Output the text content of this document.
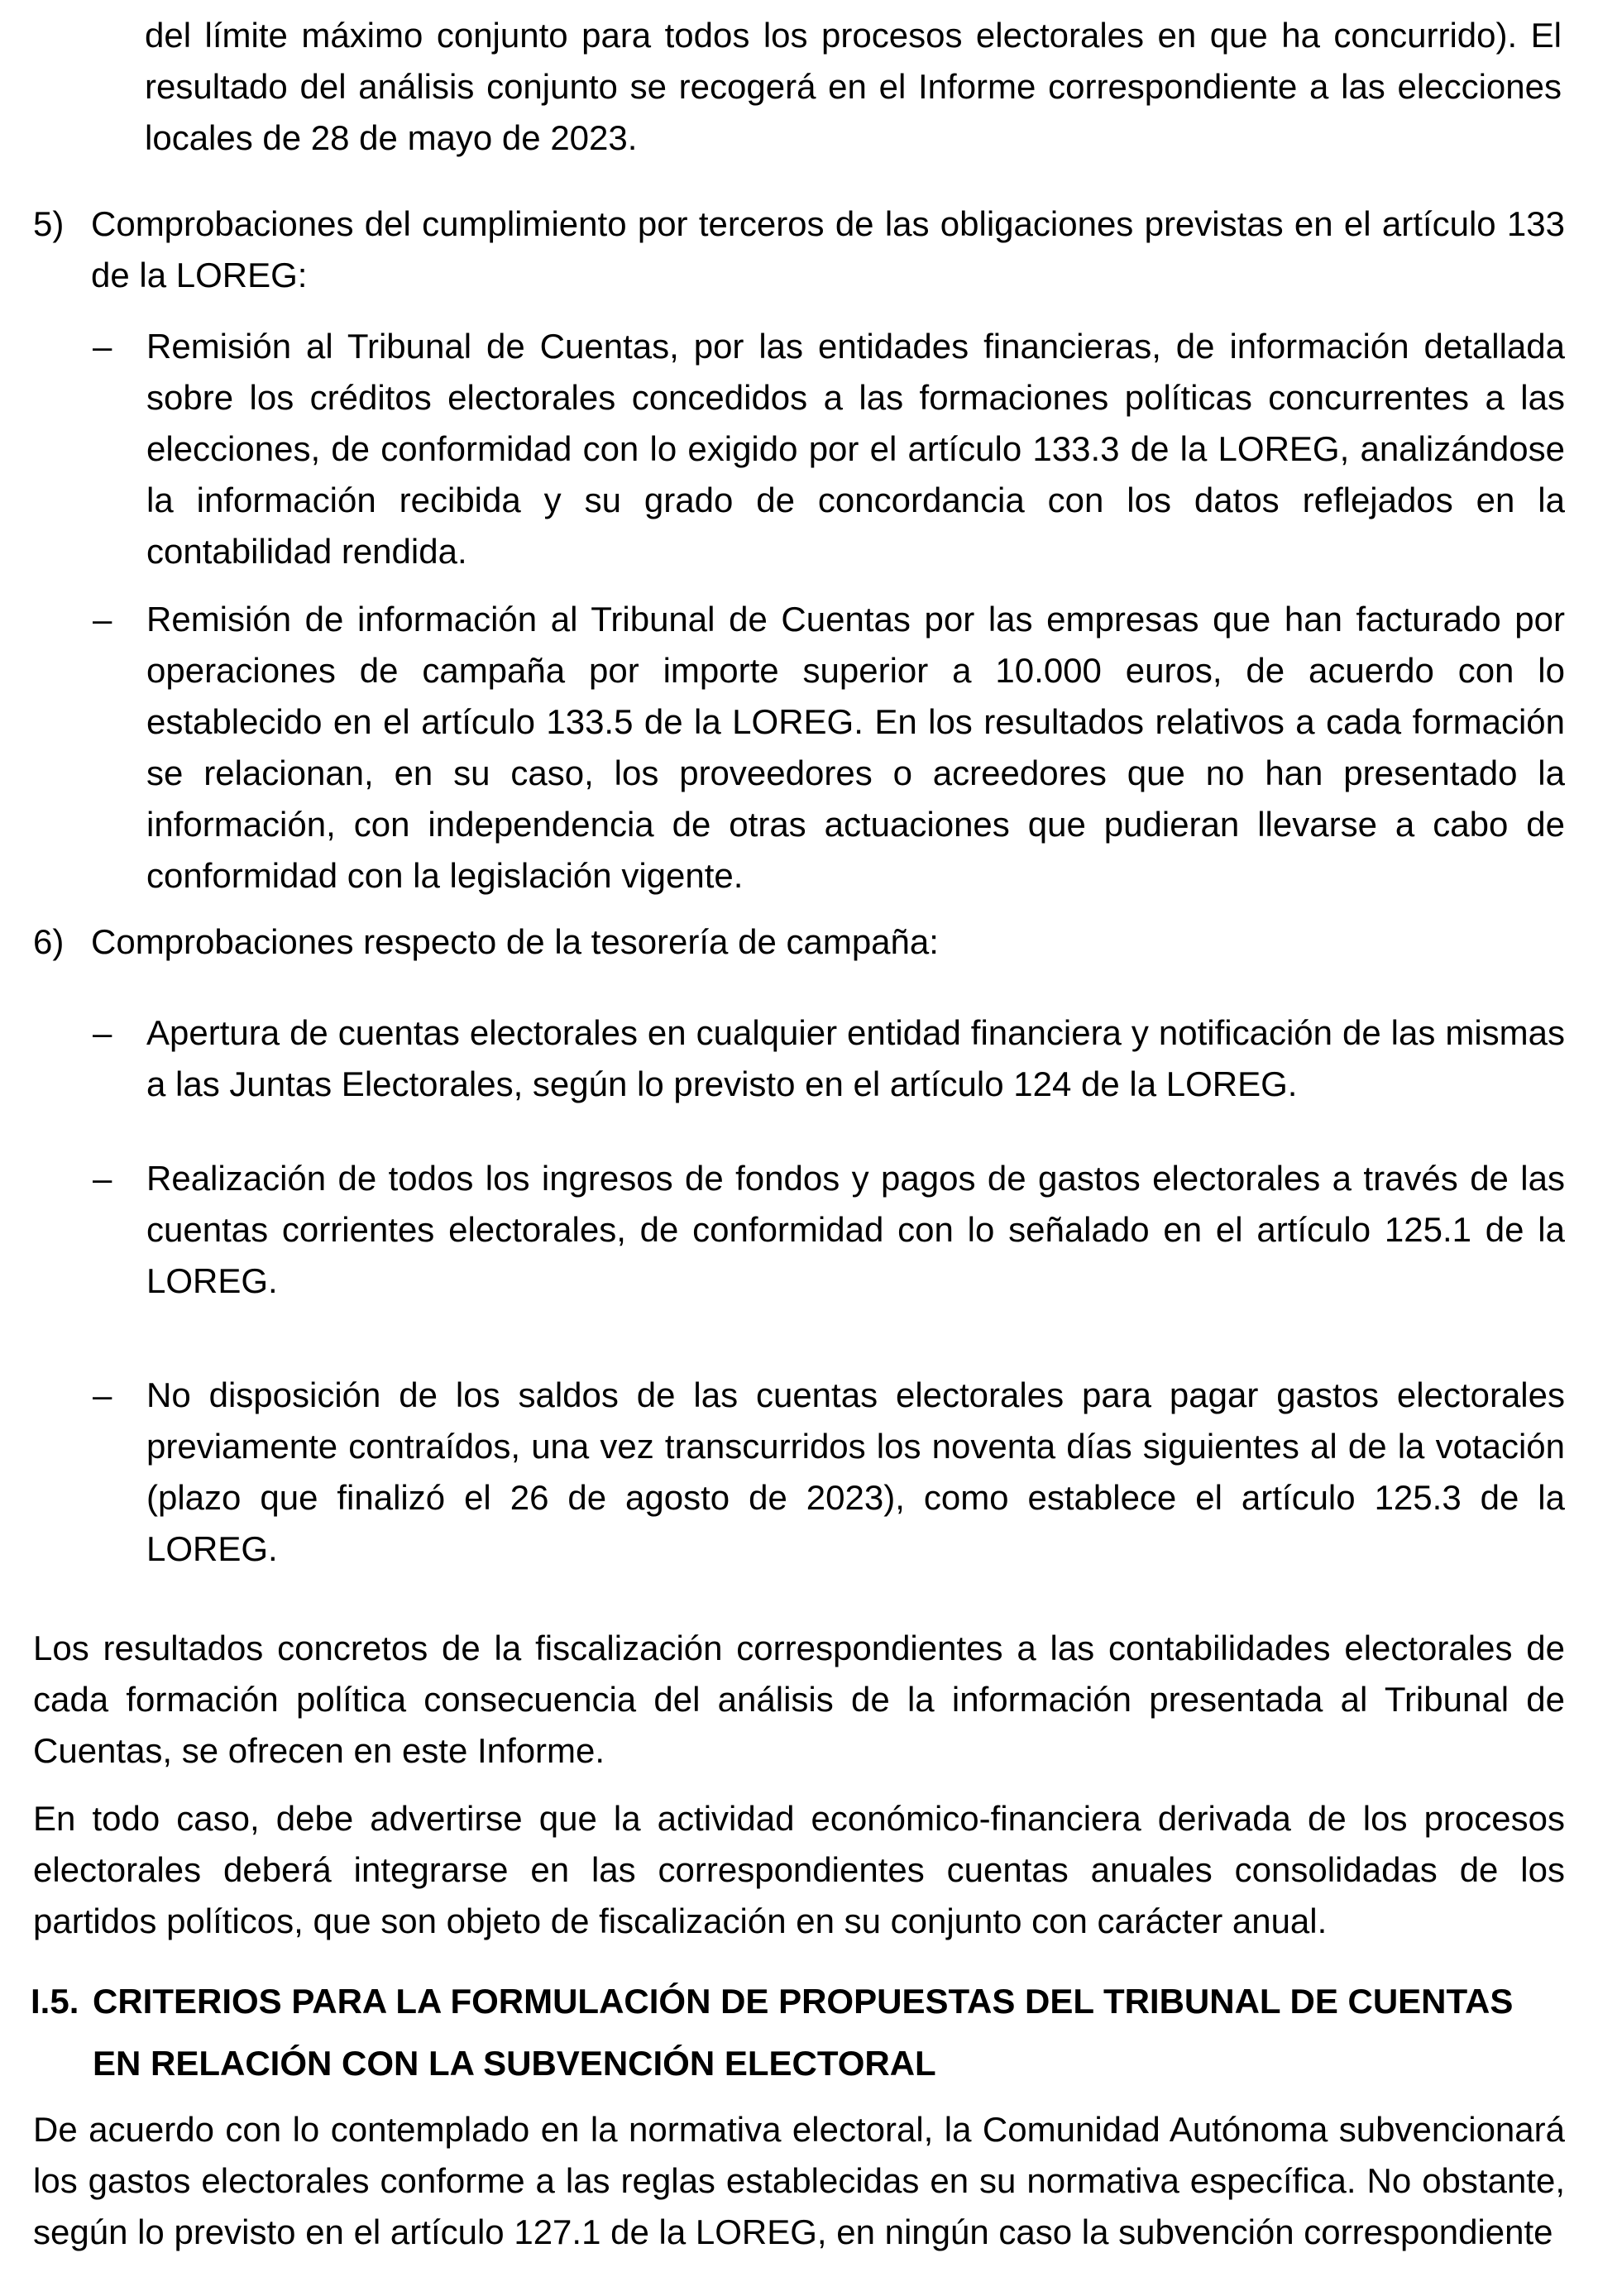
del límite máximo conjunto para todos los procesos electorales en que ha concurrido). El resultado del análisis conjunto se recogerá en el Informe correspondiente a las elecciones locales de 28 de mayo de 2023.
5) Comprobaciones del cumplimiento por terceros de las obligaciones previstas en el artículo 133 de la LOREG:
– Remisión al Tribunal de Cuentas, por las entidades financieras, de información detallada sobre los créditos electorales concedidos a las formaciones políticas concurrentes a las elecciones, de conformidad con lo exigido por el artículo 133.3 de la LOREG, analizándose la información recibida y su grado de concordancia con los datos reflejados en la contabilidad rendida.
– Remisión de información al Tribunal de Cuentas por las empresas que han facturado por operaciones de campaña por importe superior a 10.000 euros, de acuerdo con lo establecido en el artículo 133.5 de la LOREG. En los resultados relativos a cada formación se relacionan, en su caso, los proveedores o acreedores que no han presentado la información, con independencia de otras actuaciones que pudieran llevarse a cabo de conformidad con la legislación vigente.
6) Comprobaciones respecto de la tesorería de campaña:
– Apertura de cuentas electorales en cualquier entidad financiera y notificación de las mismas a las Juntas Electorales, según lo previsto en el artículo 124 de la LOREG.
– Realización de todos los ingresos de fondos y pagos de gastos electorales a través de las cuentas corrientes electorales, de conformidad con lo señalado en el artículo 125.1 de la LOREG.
– No disposición de los saldos de las cuentas electorales para pagar gastos electorales previamente contraídos, una vez transcurridos los noventa días siguientes al de la votación (plazo que finalizó el 26 de agosto de 2023), como establece el artículo 125.3 de la LOREG.
Los resultados concretos de la fiscalización correspondientes a las contabilidades electorales de cada formación política consecuencia del análisis de la información presentada al Tribunal de Cuentas, se ofrecen en este Informe.
En todo caso, debe advertirse que la actividad económico-financiera derivada de los procesos electorales deberá integrarse en las correspondientes cuentas anuales consolidadas de los partidos políticos, que son objeto de fiscalización en su conjunto con carácter anual.
I.5. CRITERIOS PARA LA FORMULACIÓN DE PROPUESTAS DEL TRIBUNAL DE CUENTAS EN RELACIÓN CON LA SUBVENCIÓN ELECTORAL
De acuerdo con lo contemplado en la normativa electoral, la Comunidad Autónoma subvencionará los gastos electorales conforme a las reglas establecidas en su normativa específica. No obstante, según lo previsto en el artículo 127.1 de la LOREG, en ningún caso la subvención correspondiente
